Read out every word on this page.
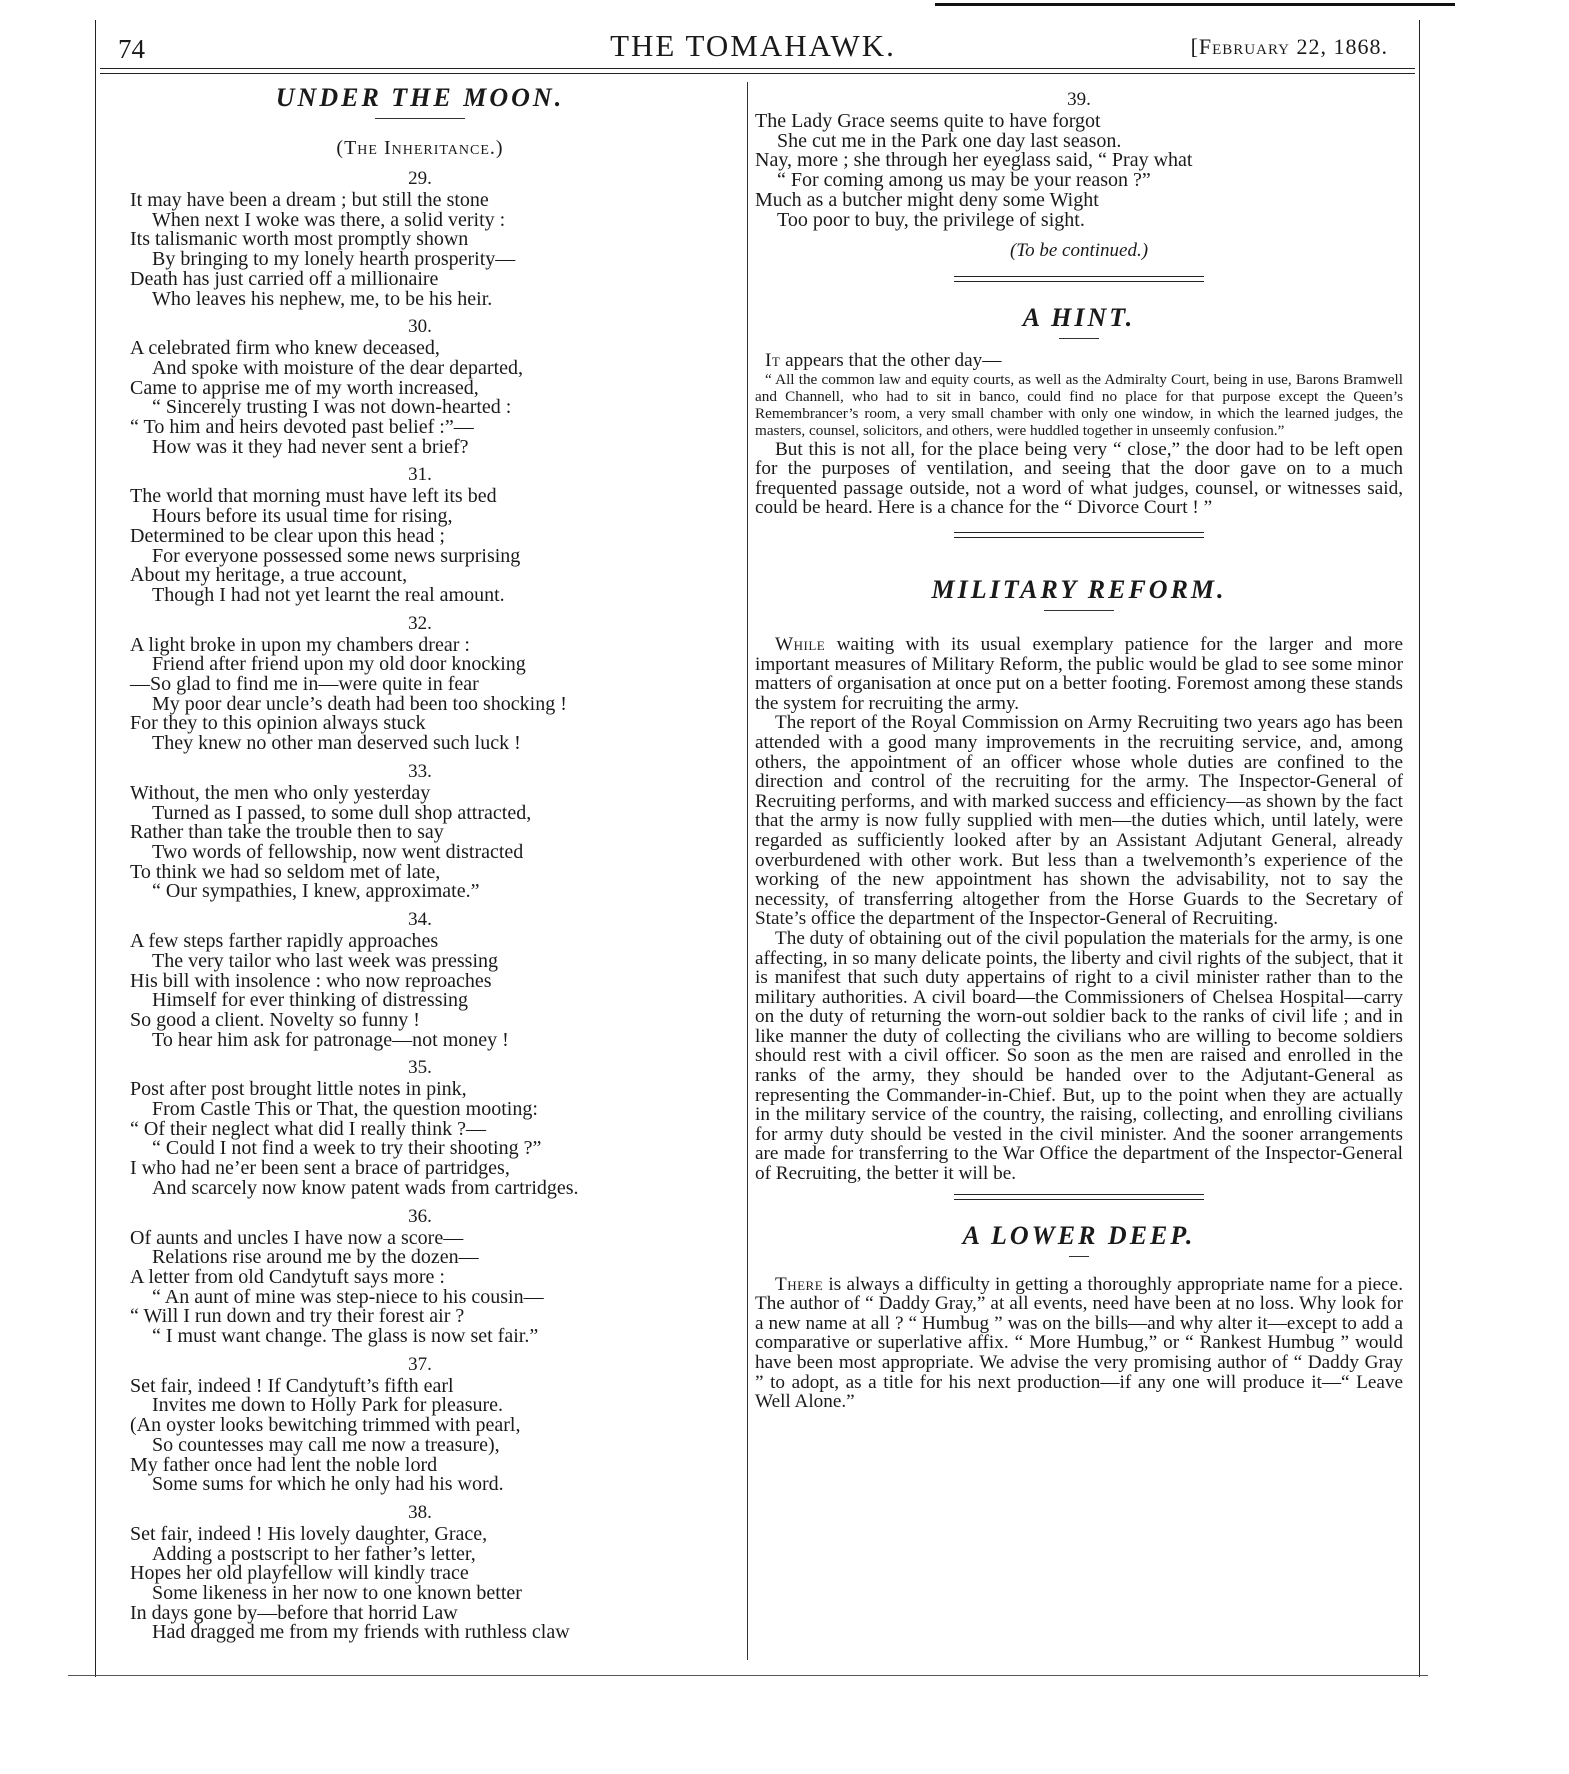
74	THE TOMAHAWK.	[February 22, 1868.
UNDER THE MOON.
(The Inheritance.)
29.
It may have been a dream ; but still the stone
When next I woke was there, a solid verity :
Its talismanic worth most promptly shown
By bringing to my lonely hearth prosperity—
Death has just carried off a millionaire
Who leaves his nephew, me, to be his heir.
30.
A celebrated firm who knew deceased,
And spoke with moisture of the dear departed,
Came to apprise me of my worth increased,
“ Sincerely trusting I was not down-hearted :
“ To him and heirs devoted past belief :”—
How was it they had never sent a brief?
31.
The world that morning must have left its bed
Hours before its usual time for rising,
Determined to be clear upon this head ;
For everyone possessed some news surprising
About my heritage, a true account,
Though I had not yet learnt the real amount.
32.
A light broke in upon my chambers drear :
Friend after friend upon my old door knocking
—So glad to find me in—were quite in fear
My poor dear uncle’s death had been too shocking !
For they to this opinion always stuck
They knew no other man deserved such luck !
33.
Without, the men who only yesterday
Turned as I passed, to some dull shop attracted,
Rather than take the trouble then to say
Two words of fellowship, now went distracted
To think we had so seldom met of late,
“ Our sympathies, I knew, approximate.”
34.
A few steps farther rapidly approaches
The very tailor who last week was pressing
His bill with insolence : who now reproaches
Himself for ever thinking of distressing
So good a client. Novelty so funny !
To hear him ask for patronage—not money !
35.
Post after post brought little notes in pink,
From Castle This or That, the question mooting:
“ Of their neglect what did I really think ?—
“ Could I not find a week to try their shooting ?”
I who had ne’er been sent a brace of partridges,
And scarcely now know patent wads from cartridges.
36.
Of aunts and uncles I have now a score—
Relations rise around me by the dozen—
A letter from old Candytuft says more :
“ An aunt of mine was step-niece to his cousin—
“ Will I run down and try their forest air ?
“ I must want change. The glass is now set fair.”
37.
Set fair, indeed ! If Candytuft’s fifth earl
Invites me down to Holly Park for pleasure.
(An oyster looks bewitching trimmed with pearl,
So countesses may call me now a treasure),
My father once had lent the noble lord
Some sums for which he only had his word.
38.
Set fair, indeed ! His lovely daughter, Grace,
Adding a postscript to her father’s letter,
Hopes her old playfellow will kindly trace
Some likeness in her now to one known better
In days gone by—before that horrid Law
Had dragged me from my friends with ruthless claw
39.
The Lady Grace seems quite to have forgot
She cut me in the Park one day last season.
Nay, more ; she through her eyeglass said, “ Pray what
“ For coming among us may be your reason ?”
Much as a butcher might deny some Wight
Too poor to buy, the privilege of sight.
(To be continued.)
A HINT.

It appears that the other day—

“ All the common law and equity courts, as well as the Admiralty Court, being in use, Barons Bramwell and Channell, who had to sit in banco, could find no place for that purpose except the Queen’s Remembrancer’s room, a very small chamber with only one window, in which the learned judges, the masters, counsel, solicitors, and others, were huddled together in unseemly confusion.”

But this is not all, for the place being very “ close,” the door had to be left open for the purposes of ventilation, and seeing that the door gave on to a much frequented passage outside, not a word of what judges, counsel, or witnesses said, could be heard. Here is a chance for the “ Divorce Court ! ”

MILITARY REFORM.

While waiting with its usual exemplary patience for the larger and more important measures of Military Reform, the public would be glad to see some minor matters of organisation at once put on a better footing. Foremost among these stands the system for recruiting the army.

The report of the Royal Commission on Army Recruiting two years ago has been attended with a good many improvements in the recruiting service, and, among others, the appointment of an officer whose whole duties are confined to the direction and control of the recruiting for the army. The Inspector-General of Recruiting performs, and with marked success and efficiency—as shown by the fact that the army is now fully supplied with men—the duties which, until lately, were regarded as sufficiently looked after by an Assistant Adjutant General, already overburdened with other work. But less than a twelvemonth’s experience of the working of the new appointment has shown the advisability, not to say the necessity, of transferring altogether from the Horse Guards to the Secretary of State’s office the department of the Inspector-General of Recruiting.

The duty of obtaining out of the civil population the materials for the army, is one affecting, in so many delicate points, the liberty and civil rights of the subject, that it is manifest that such duty appertains of right to a civil minister rather than to the military authorities. A civil board—the Commissioners of Chelsea Hospital—carry on the duty of returning the worn-out soldier back to the ranks of civil life ; and in like manner the duty of collecting the civilians who are willing to become soldiers should rest with a civil officer. So soon as the men are raised and enrolled in the ranks of the army, they should be handed over to the Adjutant-General as representing the Commander-in-Chief. But, up to the point when they are actually in the military service of the country, the raising, collecting, and enrolling civilians for army duty should be vested in the civil minister. And the sooner arrangements are made for transferring to the War Office the department of the Inspector-General of Recruiting, the better it will be.

A LOWER DEEP.

There is always a difficulty in getting a thoroughly appropriate name for a piece. The author of “ Daddy Gray,” at all events, need have been at no loss. Why look for a new name at all ? “ Humbug ” was on the bills—and why alter it—except to add a comparative or superlative affix. “ More Humbug,” or “ Rankest Humbug ” would have been most appropriate. We advise the very promising author of “ Daddy Gray ” to adopt, as a title for his next production—if any one will produce it—“ Leave Well Alone.”
